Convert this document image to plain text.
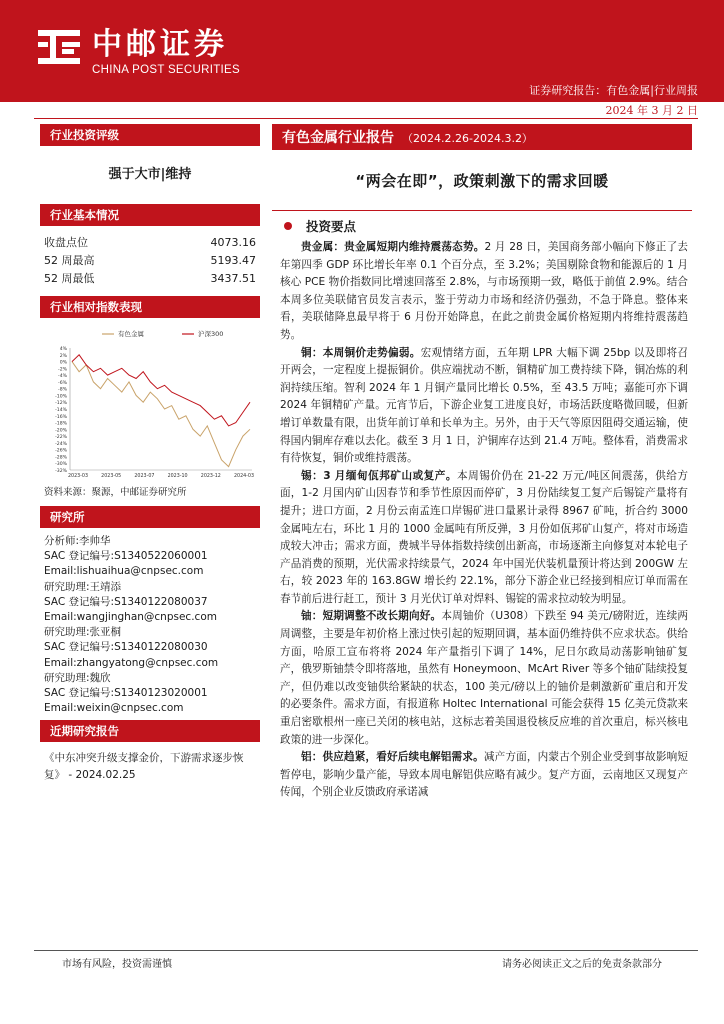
中邮证券
CHINA POST SECURITIES
证券研究报告：有色金属|行业周报
2024 年 3 月 2 日
行业投资评级
强于大市|维持
行业基本情况
收盘点位	4073.16
52 周最高	5193.47
52 周最低	3437.51
行业相对指数表现
4%
2%
0%
-2%
-4%
-6%
-8%
-10%
-12%
-14%
-16%
-18%
-20%
-22%
-24%
-26%
-28%
-30%
-32%
2023-03	2023-05	2023-07	2023-10	2023-12	2024-03
有色金属	沪深300
资料来源：聚源，中邮证券研究所
研究所
分析师:李帅华
SAC 登记编号:S1340522060001
Email:lishuaihua@cnpsec.com
研究助理:王靖添
SAC 登记编号:S1340122080037
Email:wangjinghan@cnpsec.com
研究助理:张亚桐
SAC 登记编号:S1340122080030
Email:zhangyatong@cnpsec.com
研究助理:魏欣
SAC 登记编号:S1340123020001
Email:weixin@cnpsec.com
近期研究报告
《中东冲突升级支撑金价，下游需求逐步恢复》 - 2024.02.25
有色金属行业报告 （2024.2.26-2024.3.2）
“两会在即”，政策刺激下的需求回暖
投资要点

贵金属：贵金属短期内维持震荡态势。2 月 28 日，美国商务部小幅向下修正了去年第四季 GDP 环比增长年率 0.1 个百分点，至 3.2%；美国剔除食物和能源后的 1 月核心 PCE 物价指数同比增速回落至 2.8%，与市场预期一致，略低于前值 2.9%。结合本周多位美联储官员发言表示，鉴于劳动力市场和经济仍强劲，不急于降息。整体来看，美联储降息最早将于 6 月份开始降息，在此之前贵金属价格短期内将维持震荡趋势。

铜：本周铜价走势偏弱。宏观情绪方面，五年期 LPR 大幅下调 25bp 以及即将召开两会，一定程度上提振铜价。供应端扰动不断，铜精矿加工费持续下降，铜冶炼的利润持续压缩。智利 2024 年 1 月铜产量同比增长 0.5%，至 43.5 万吨；嘉能可亦下调 2024 年铜精矿产量。元宵节后，下游企业复工进度良好，市场活跃度略微回暖，但新增订单数量有限，出货年前订单和长单为主。另外，由于天气等原因阻碍交通运输，使得国内铜库存难以去化。截至 3 月 1 日，沪铜库存达到 21.4 万吨。整体看，消费需求有待恢复，铜价或维持震荡。

锡：3 月缅甸佤邦矿山或复产。本周锡价仍在 21-22 万元/吨区间震荡，供给方面，1-2 月国内矿山因春节和季节性原因而停矿，3 月份陆续复工复产后锡锭产量将有提升；进口方面，2 月份云南孟连口岸锡矿进口量累计录得 8967 矿吨，折合约 3000 金属吨左右，环比 1 月的 1000 金属吨有所反弹，3 月份如佤邦矿山复产，将对市场造成较大冲击；需求方面，费城半导体指数持续创出新高，市场逐渐主向修复对本轮电子产品消费的预期，光伏需求持续景气，2024 年中国光伏装机量预计将达到 200GW 左右，较 2023 年的 163.8GW 增长约 22.1%，部分下游企业已经接到相应订单而需在春节前后进行赶工，预计 3 月光伏订单对焊料、锡锭的需求拉动较为明显。

铀：短期调整不改长期向好。本周铀价（U308）下跌至 94 美元/磅附近，连续两周调整，主要是年初价格上涨过快引起的短期回调，基本面仍维持供不应求状态。供给方面，哈原工宣布将将 2024 年产量指引下调了 14%，尼日尔政局动荡影响铀矿复产，俄罗斯铀禁令即将落地，虽然有 Honeymoon、McArt River 等多个铀矿陆续投复产，但仍难以改变铀供给紧缺的状态，100 美元/磅以上的铀价是刺激新矿重启和开发的必要条件。需求方面，有报道称 Holtec International 可能会获得 15 亿美元贷款来重启密歇根州一座已关闭的核电站，这标志着美国退役核反应堆的首次重启，标兴核电政策的进一步深化。

铝：供应趋紧，看好后续电解铝需求。减产方面，内蒙古个别企业受到事故影响短暂停电，影响少量产能，导致本周电解铝供应略有减少。复产方面，云南地区又现复产传闻，个别企业反馈政府承诺减

市场有风险，投资需谨慎	请务必阅读正文之后的免责条款部分
